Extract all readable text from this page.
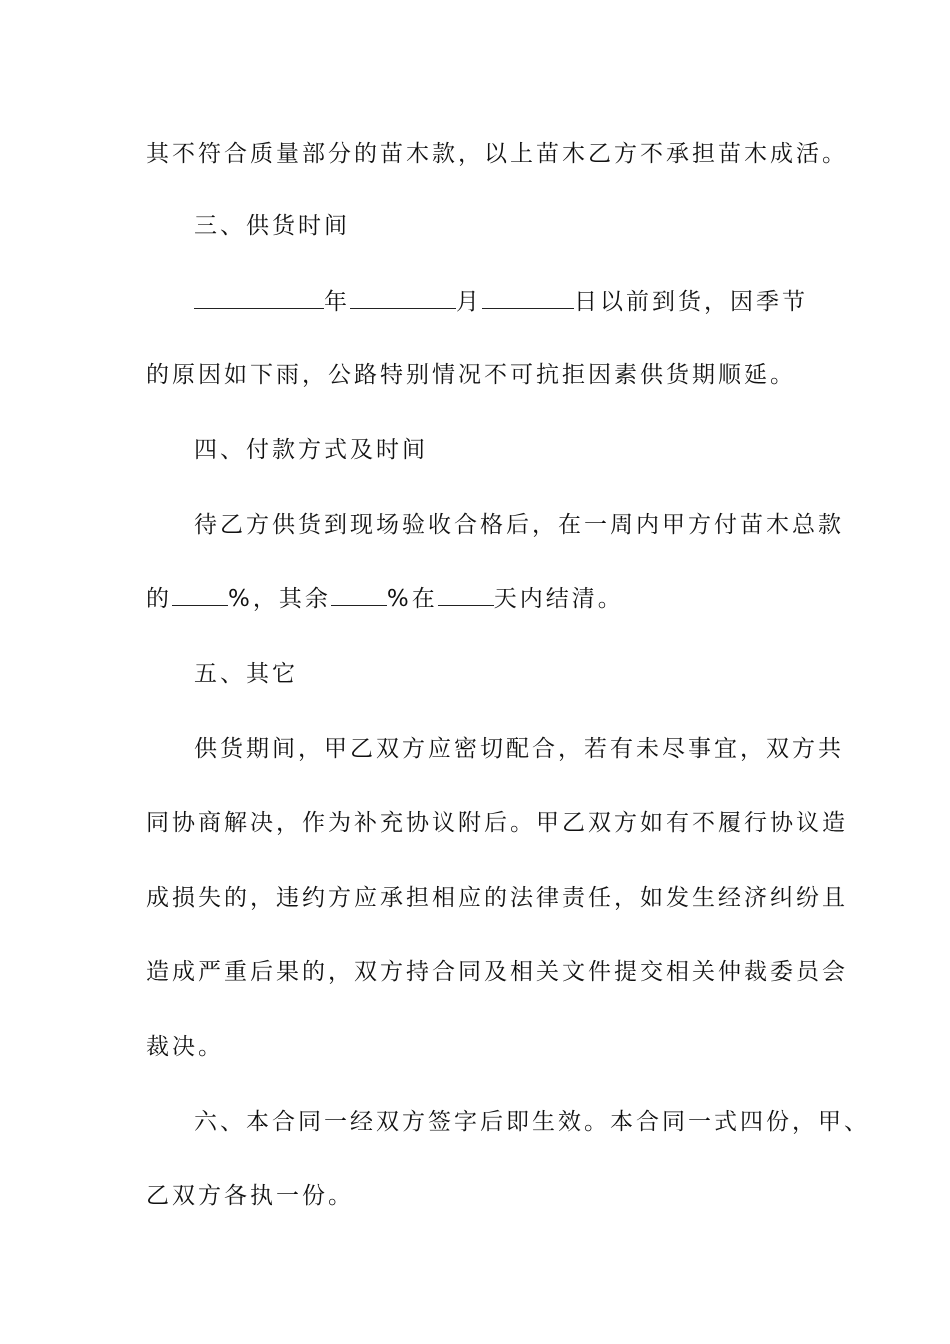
其不符合质量部分的苗木款，以上苗木乙方不承担苗木成活。
三、供货时间
年	月	日以前到货，因季节
的原因如下雨，公路特别情况不可抗拒因素供货期顺延。
四、付款方式及时间
待乙方供货到现场验收合格后，在一周内甲方付苗木总款
的 %，其余 %在 天内结清。
五、其它
供货期间，甲乙双方应密切配合，若有未尽事宜，双方共
同协商解决，作为补充协议附后。甲乙双方如有不履行协议造
成损失的，违约方应承担相应的法律责任，如发生经济纠纷且
造成严重后果的，双方持合同及相关文件提交相关仲裁委员会
裁决。
六、本合同一经双方签字后即生效。本合同一式四份，甲、
乙双方各执一份。
